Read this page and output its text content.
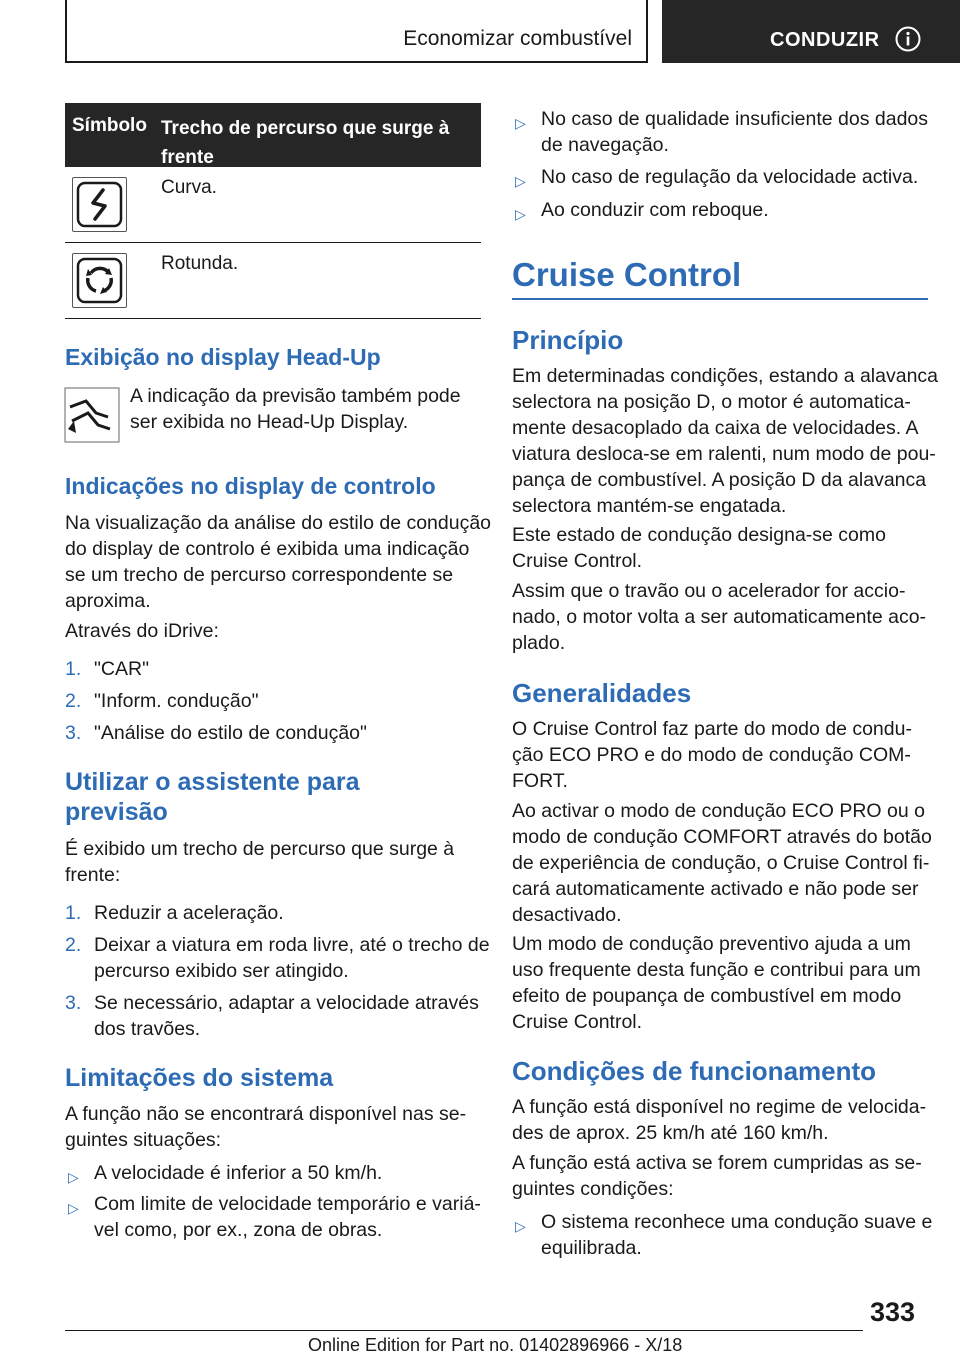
Economizar combustível	CONDUZIR
Símbolo Trecho de percurso que surge à frente
Curva.
Rotunda.
Exibição no display Head-Up
A indicação da previsão também pode
ser exibida no Head-Up Display.
Indicações no display de controlo
Na visualização da análise do estilo de condução
do display de controlo é exibida uma indicação
se um trecho de percurso correspondente se
aproxima.
Através do iDrive:
1. "CAR"
2. "Inform. condução"
3. "Análise do estilo de condução"
Utilizar o assistente para
previsão
É exibido um trecho de percurso que surge à
frente:
1. Reduzir a aceleração.
2. Deixar a viatura em roda livre, até o trecho de
percurso exibido ser atingido.
3. Se necessário, adaptar a velocidade através
dos travões.
Limitações do sistema
A função não se encontrará disponível nas se-
guintes situações:
▷ A velocidade é inferior a 50 km/h.
▷ Com limite de velocidade temporário e variá-
vel como, por ex., zona de obras.
▷ No caso de qualidade insuficiente dos dados
de navegação.
▷ No caso de regulação da velocidade activa.
▷ Ao conduzir com reboque.
Cruise Control
Princípio
Em determinadas condições, estando a alavanca
selectora na posição D, o motor é automatica-
mente desacoplado da caixa de velocidades. A
viatura desloca-se em ralenti, num modo de pou-
pança de combustível. A posição D da alavanca
selectora mantém-se engatada.
Este estado de condução designa-se como
Cruise Control.
Assim que o travão ou o acelerador for accio-
nado, o motor volta a ser automaticamente aco-
plado.
Generalidades
O Cruise Control faz parte do modo de condu-
ção ECO PRO e do modo de condução COM-
FORT.
Ao activar o modo de condução ECO PRO ou o
modo de condução COMFORT através do botão
de experiência de condução, o Cruise Control fi-
cará automaticamente activado e não pode ser
desactivado.
Um modo de condução preventivo ajuda a um
uso frequente desta função e contribui para um
efeito de poupança de combustível em modo
Cruise Control.
Condições de funcionamento
A função está disponível no regime de velocida-
des de aprox. 25 km/h até 160 km/h.
A função está activa se forem cumpridas as se-
guintes condições:
▷ O sistema reconhece uma condução suave e
equilibrada.
333
Online Edition for Part no. 01402896966 - X/18
